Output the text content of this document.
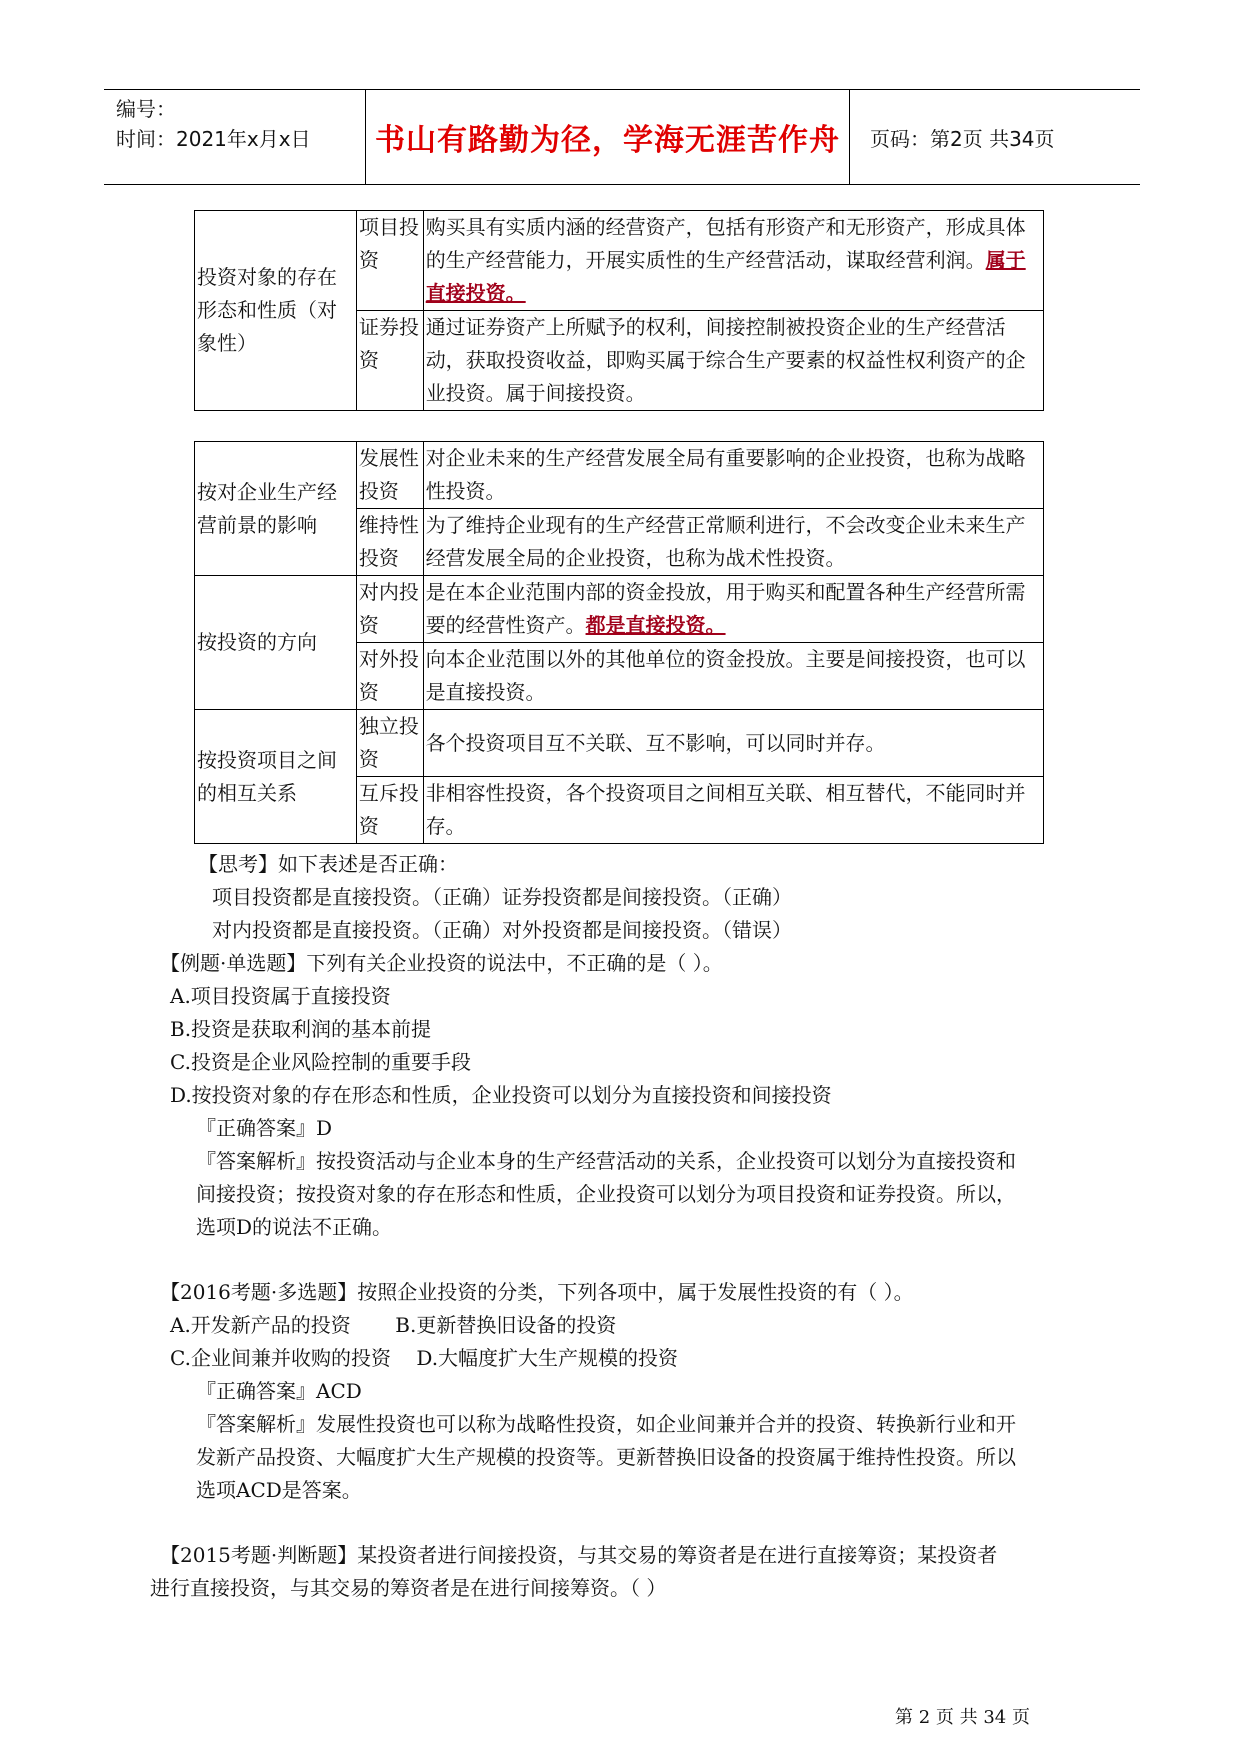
编号：
时间：2021年x月x日	书山有路勤为径，学海无涯苦作舟	页码：第2页 共34页
投资对象的存在形态和性质（对象性）	项目投资	购买具有实质内涵的经营资产，包括有形资产和无形资产，形成具体的生产经营能力，开展实质性的生产经营活动，谋取经营利润。属于直接投资。
	证券投资	通过证券资产上所赋予的权利，间接控制被投资企业的生产经营活动，获取投资收益，即购买属于综合生产要素的权益性权利资产的企业投资。属于间接投资。
按对企业生产经营前景的影响	发展性投资	对企业未来的生产经营发展全局有重要影响的企业投资，也称为战略性投资。
	维持性投资	为了维持企业现有的生产经营正常顺利进行，不会改变企业未来生产经营发展全局的企业投资，也称为战术性投资。
按投资的方向	对内投资	是在本企业范围内部的资金投放，用于购买和配置各种生产经营所需要的经营性资产。都是直接投资。
	对外投资	向本企业范围以外的其他单位的资金投放。主要是间接投资，也可以是直接投资。
按投资项目之间的相互关系	独立投资	各个投资项目互不关联、互不影响，可以同时并存。
	互斥投资	非相容性投资，各个投资项目之间相互关联、相互替代，不能同时并存。
【思考】如下表述是否正确：
项目投资都是直接投资。（正确）证券投资都是间接投资。（正确）
对内投资都是直接投资。（正确）对外投资都是间接投资。（错误）
【例题·单选题】下列有关企业投资的说法中，不正确的是（ ）。
A.项目投资属于直接投资
B.投资是获取利润的基本前提
C.投资是企业风险控制的重要手段
D.按投资对象的存在形态和性质，企业投资可以划分为直接投资和间接投资
『正确答案』D
『答案解析』按投资活动与企业本身的生产经营活动的关系，企业投资可以划分为直接投资和
间接投资；按投资对象的存在形态和性质，企业投资可以划分为项目投资和证券投资。所以，
选项D的说法不正确。
【2016考题·多选题】按照企业投资的分类，下列各项中，属于发展性投资的有（ ）。
A.开发新产品的投资       B.更新替换旧设备的投资
C.企业间兼并收购的投资    D.大幅度扩大生产规模的投资
『正确答案』ACD
『答案解析』发展性投资也可以称为战略性投资，如企业间兼并合并的投资、转换新行业和开
发新产品投资、大幅度扩大生产规模的投资等。更新替换旧设备的投资属于维持性投资。所以
选项ACD是答案。
【2015考题·判断题】某投资者进行间接投资，与其交易的筹资者是在进行直接筹资；某投资者
进行直接投资，与其交易的筹资者是在进行间接筹资。（ ）
第 2 页 共 34 页
